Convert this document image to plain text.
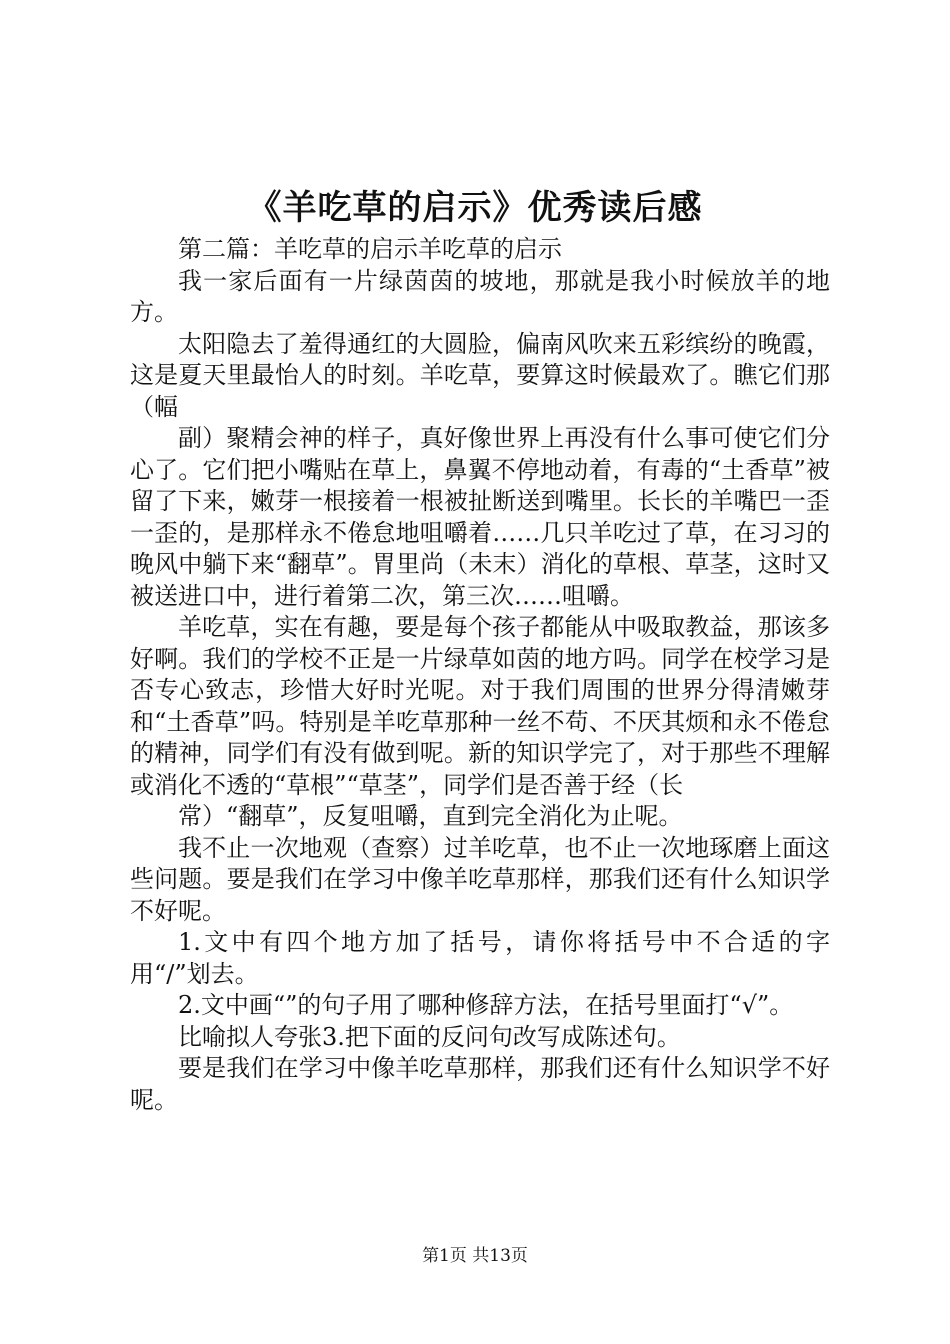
《羊吃草的启示》优秀读后感

第二篇：羊吃草的启示羊吃草的启示

我一家后面有一片绿茵茵的坡地，那就是我小时候放羊的地方。

太阳隐去了羞得通红的大圆脸，偏南风吹来五彩缤纷的晚霞，这是夏天里最怡人的时刻。羊吃草，要算这时候最欢了。瞧它们那（幅

副）聚精会神的样子，真好像世界上再没有什么事可使它们分心了。它们把小嘴贴在草上，鼻翼不停地动着，有毒的“土香草”被留了下来，嫩芽一根接着一根被扯断送到嘴里。长长的羊嘴巴一歪一歪的，是那样永不倦怠地咀嚼着……几只羊吃过了草，在习习的晚风中躺下来“翻草”。胃里尚（未末）消化的草根、草茎，这时又被送进口中，进行着第二次，第三次……咀嚼。

羊吃草，实在有趣，要是每个孩子都能从中吸取教益，那该多好啊。我们的学校不正是一片绿草如茵的地方吗。同学在校学习是否专心致志，珍惜大好时光呢。对于我们周围的世界分得清嫩芽和“土香草”吗。特别是羊吃草那种一丝不苟、不厌其烦和永不倦怠的精神，同学们有没有做到呢。新的知识学完了，对于那些不理解或消化不透的“草根”“草茎”，同学们是否善于经（长

常）“翻草”，反复咀嚼，直到完全消化为止呢。

我不止一次地观（查察）过羊吃草，也不止一次地琢磨上面这些问题。要是我们在学习中像羊吃草那样，那我们还有什么知识学不好呢。

1.文中有四个地方加了括号，请你将括号中不合适的字用“/”划去。

2.文中画“”的句子用了哪种修辞方法，在括号里面打“√”。

比喻拟人夸张3.把下面的反问句改写成陈述句。

要是我们在学习中像羊吃草那样，那我们还有什么知识学不好呢。

第1页 共13页
